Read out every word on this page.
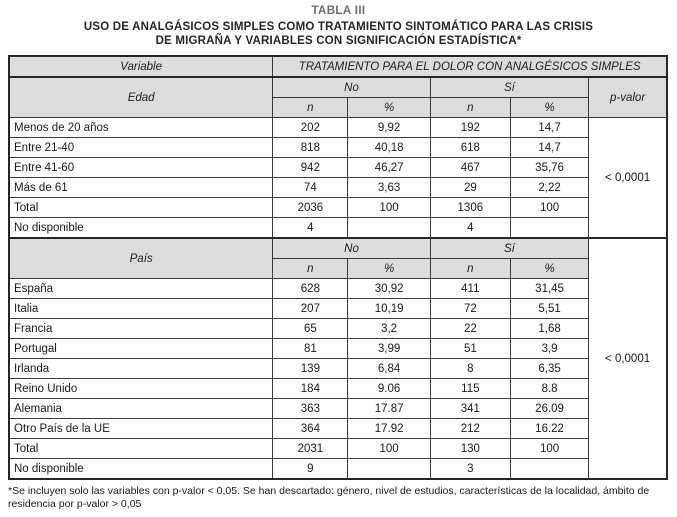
TABLA III
USO DE ANALGÁSICOS SIMPLES COMO TRATAMIENTO SINTOMÁTICO PARA LAS CRISIS
DE MIGRAÑA Y VARIABLES CON SIGNIFICACIÓN ESTADÍSTICA*
Variable	TRATAMIENTO PARA EL DOLOR CON ANALGÉSICOS SIMPLES				
Edad	No		Sí		p-valor
	n	%	n	%	
Menos de 20 años	202	9,92	192	14,7	< 0,0001
Entre 21-40	818	40,18	618	14,7	
Entre 41-60	942	46,27	467	35,76	
Más de 61	74	3,63	29	2,22	
Total	2036	100	1306	100	
No disponible	4		4		
País	No		Sí		< 0,0001
	n	%	n	%	
España	628	30,92	411	31,45	
Italia	207	10,19	72	5,51	
Francia	65	3,2	22	1,68	
Portugal	81	3,99	51	3,9	
Irlanda	139	6,84	8	6,35	
Reino Unido	184	9.06	115	8.8	
Alemania	363	17.87	341	26.09	
Otro País de la UE	364	17.92	212	16.22	
Total	2031	100	130	100	
No disponible	9		3		
*Se incluyen solo las variables con p-valor < 0,05. Se han descartado: género, nivel de estudios, características de la localidad, ámbito de residencia por p-valor > 0,05
